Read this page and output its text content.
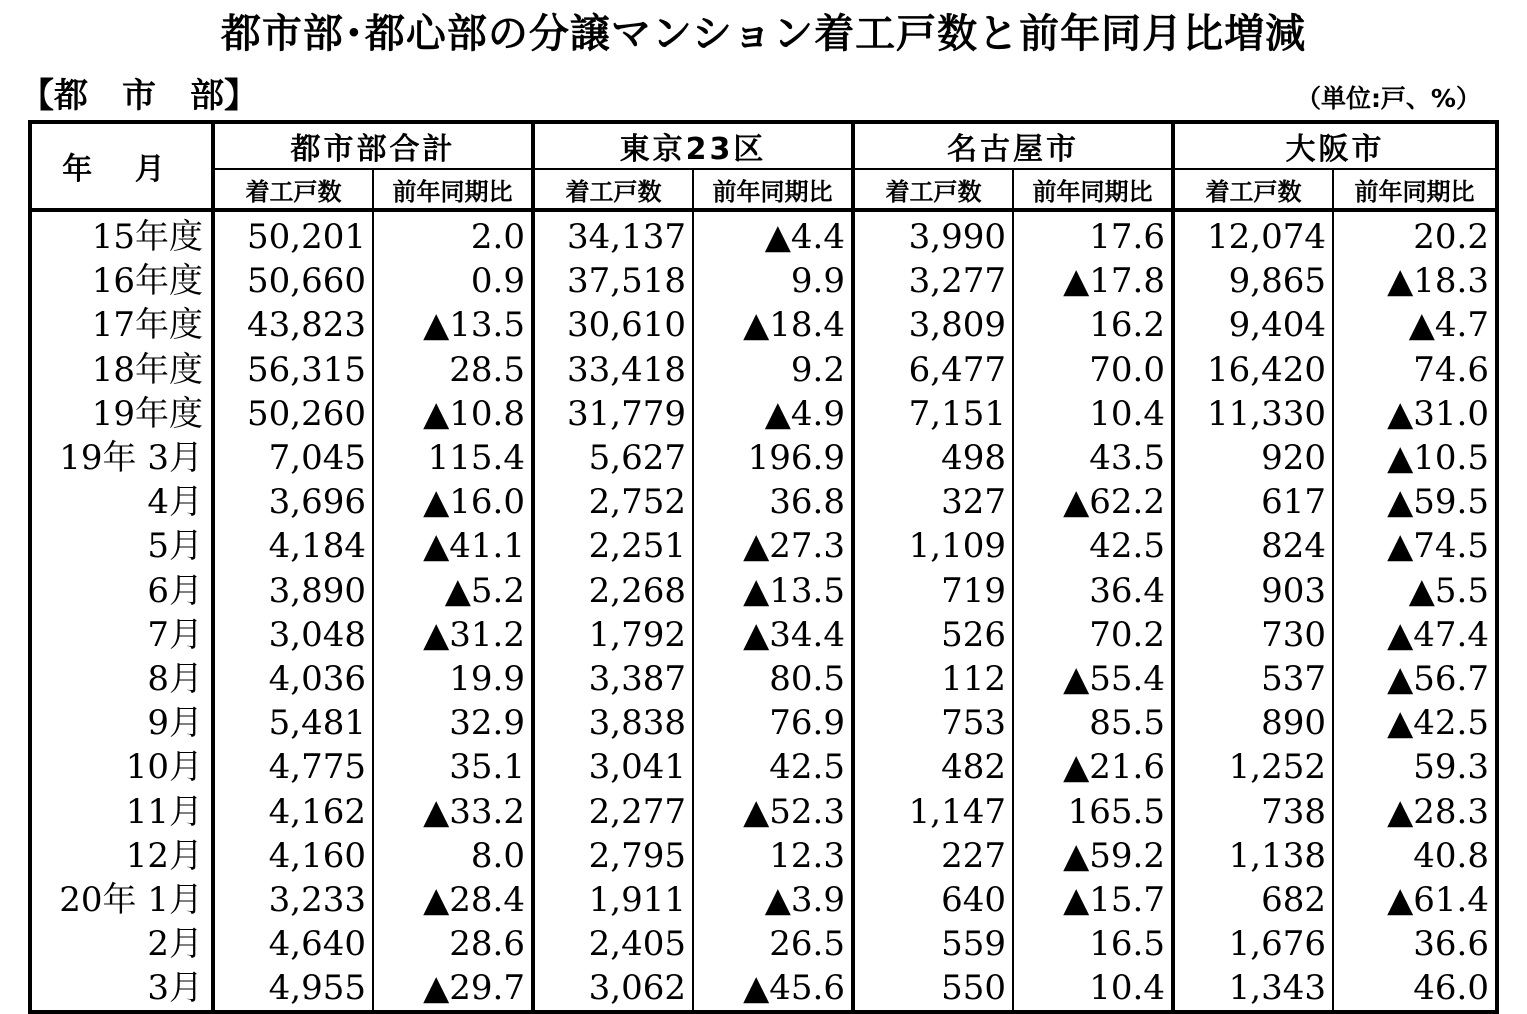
都市部･都心部の分譲マンション着工戸数と前年同月比増減
【都　市　部】	（単位:戸、%）
年 月	都市部合計		東京23区		名古屋市		大阪市	
	着工戸数	前年同期比	着工戸数	前年同期比	着工戸数	前年同期比	着工戸数	前年同期比
15年度	50,201	2.0	34,137	▲4.4	3,990	17.6	12,074	20.2
16年度	50,660	0.9	37,518	9.9	3,277	▲17.8	9,865	▲18.3
17年度	43,823	▲13.5	30,610	▲18.4	3,809	16.2	9,404	▲4.7
18年度	56,315	28.5	33,418	9.2	6,477	70.0	16,420	74.6
19年度	50,260	▲10.8	31,779	▲4.9	7,151	10.4	11,330	▲31.0
19年 3月	7,045	115.4	5,627	196.9	498	43.5	920	▲10.5
4月	3,696	▲16.0	2,752	36.8	327	▲62.2	617	▲59.5
5月	4,184	▲41.1	2,251	▲27.3	1,109	42.5	824	▲74.5
6月	3,890	▲5.2	2,268	▲13.5	719	36.4	903	▲5.5
7月	3,048	▲31.2	1,792	▲34.4	526	70.2	730	▲47.4
8月	4,036	19.9	3,387	80.5	112	▲55.4	537	▲56.7
9月	5,481	32.9	3,838	76.9	753	85.5	890	▲42.5
10月	4,775	35.1	3,041	42.5	482	▲21.6	1,252	59.3
11月	4,162	▲33.2	2,277	▲52.3	1,147	165.5	738	▲28.3
12月	4,160	8.0	2,795	12.3	227	▲59.2	1,138	40.8
20年 1月	3,233	▲28.4	1,911	▲3.9	640	▲15.7	682	▲61.4
2月	4,640	28.6	2,405	26.5	559	16.5	1,676	36.6
3月	4,955	▲29.7	3,062	▲45.6	550	10.4	1,343	46.0
